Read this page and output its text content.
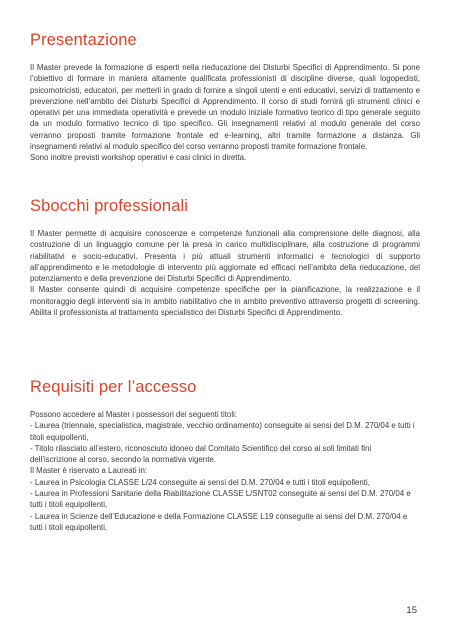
Presentazione

Il Master prevede la formazione di esperti nella rieducazione dei Disturbi Specifici di Apprendimento. Si pone l’obiettivo di formare in maniera altamente qualificata professionisti di discipline diverse, quali logopedisti, psicomotricisti, educatori, per metterli in grado di fornire a singoli utenti e enti educativi, servizi di trattamento e prevenzione nell’ambito dei Disturbi Specifici di Apprendimento. Il corso di studi fornirà gli strumenti clinici e operativi per una immediata operatività e prevede un modulo iniziale formativo teorico di tipo generale seguito da un modulo formativo tecnico di tipo specifico. Gli insegnamenti relativi al modulo generale del corso verranno proposti tramite formazione frontale ed e-learning, altri tramite formazione a distanza. Gli insegnamenti relativi al modulo specifico del corso verranno proposti tramite formazione frontale.

Sono inoltre previsti workshop operativi e casi clinici in diretta.

Sbocchi professionali

Il Master permette di acquisire conoscenze e competenze funzionali alla comprensione delle diagnosi, alla costruzione di un linguaggio comune per la presa in carico multidisciplinare, alla costruzione di programmi riabilitativi e socio-educativi. Presenta i più attuali strumenti informatici e tecnologici di supporto all’apprendimento e le metodologie di intervento più aggiornate ed efficaci nell’ambito della rieducazione, del potenziamento e della prevenzione dei Disturbi Specifici di Apprendimento.

Il Master consente quindi di acquisire competenze specifiche per la pianificazione, la realizzazione e il monitoraggio degli interventi sia in ambito riabilitativo che in ambito preventivo attraverso progetti di screening. Abilita il professionista al trattamento specialistico dei Disturbi Specifici di Apprendimento.

Requisiti per l’accesso

Possono accedere al Master i possessori dei seguenti titoli:

- Laurea (triennale, specialistica, magistrale, vecchio ordinamento) conseguite ai sensi del D.M. 270/04 e tutti i titoli equipollenti,

- Titolo rilasciato all’estero, riconosciuto idoneo dal Comitato Scientifico del corso ai soli limitati fini dell’iscrizione al corso, secondo la normativa vigente.

Il Master è riservato a Laureati in:

- Laurea in Psicologia CLASSE L/24 conseguite ai sensi del D.M. 270/04 e tutti i titoli equipollenti,

- Laurea in Professioni Sanitarie della Riabilitazione CLASSE L/SNT02 conseguite ai sensi del D.M. 270/04 e tutti i titoli equipollenti,

- Laurea in Scienze dell’Educazione e della Formazione CLASSE L19 conseguite ai sensi del D.M. 270/04 e tutti i titoli equipollenti.

15
